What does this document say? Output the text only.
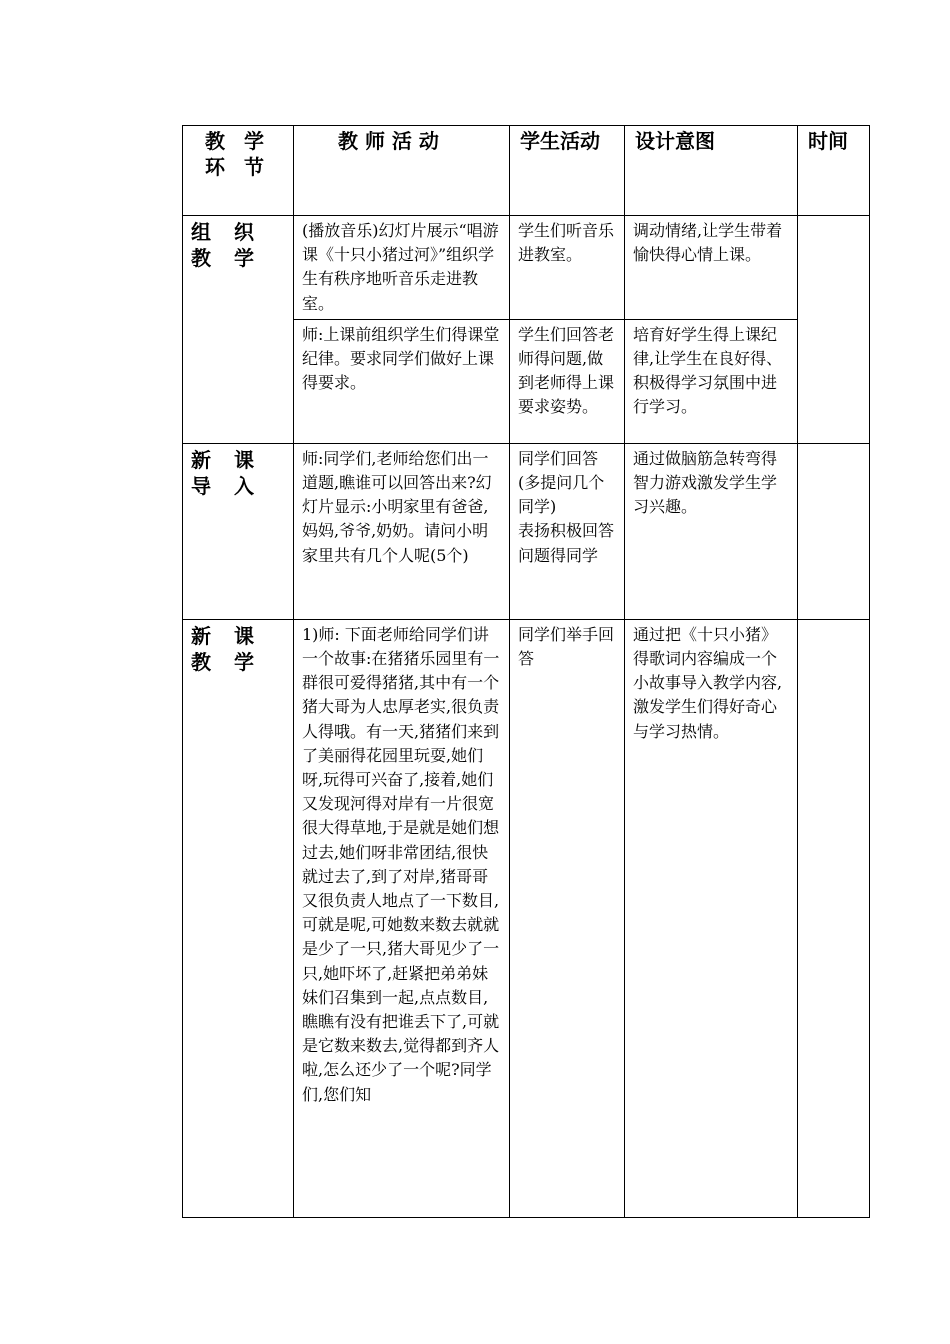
教 学
环 节	教 师 活 动	学生活动	设计意图	时间

组 织
教 学	(播放音乐)幻灯片展示“唱游课《十只小猪过河》”组织学生有秩序地听音乐走进教室。	学生们听音乐进教室。	调动情绪,让学生带着愉快得心情上课。	

	师:上课前组织学生们得课堂纪律。要求同学们做好上课得要求。	学生们回答老师得问题,做到老师得上课要求姿势。	培育好学生得上课纪律,让学生在良好得、积极得学习氛围中进行学习。	

新 课
导 入	师:同学们,老师给您们出一道题,瞧谁可以回答出来?幻灯片显示:小明家里有爸爸,妈妈,爷爷,奶奶。请问小明家里共有几个人呢(5个)	同学们回答(多提问几个同学)
表扬积极回答问题得同学	通过做脑筋急转弯得智力游戏激发学生学习兴趣。	

新 课
教 学	1)师: 下面老师给同学们讲一个故事:在猪猪乐园里有一群很可爱得猪猪,其中有一个猪大哥为人忠厚老实,很负责人得哦。有一天,猪猪们来到了美丽得花园里玩耍,她们呀,玩得可兴奋了,接着,她们又发现河得对岸有一片很宽很大得草地,于是就是她们想过去,她们呀非常团结,很快就过去了,到了对岸,猪哥哥又很负责人地点了一下数目,可就是呢,可她数来数去就就是少了一只,猪大哥见少了一只,她吓坏了,赶紧把弟弟妹妹们召集到一起,点点数目,瞧瞧有没有把谁丢下了,可就是它数来数去,觉得都到齐人啦,怎么还少了一个呢?同学们,您们知	同学们举手回答	通过把《十只小猪》得歌词内容编成一个小故事导入教学内容,激发学生们得好奇心与学习热情。	
